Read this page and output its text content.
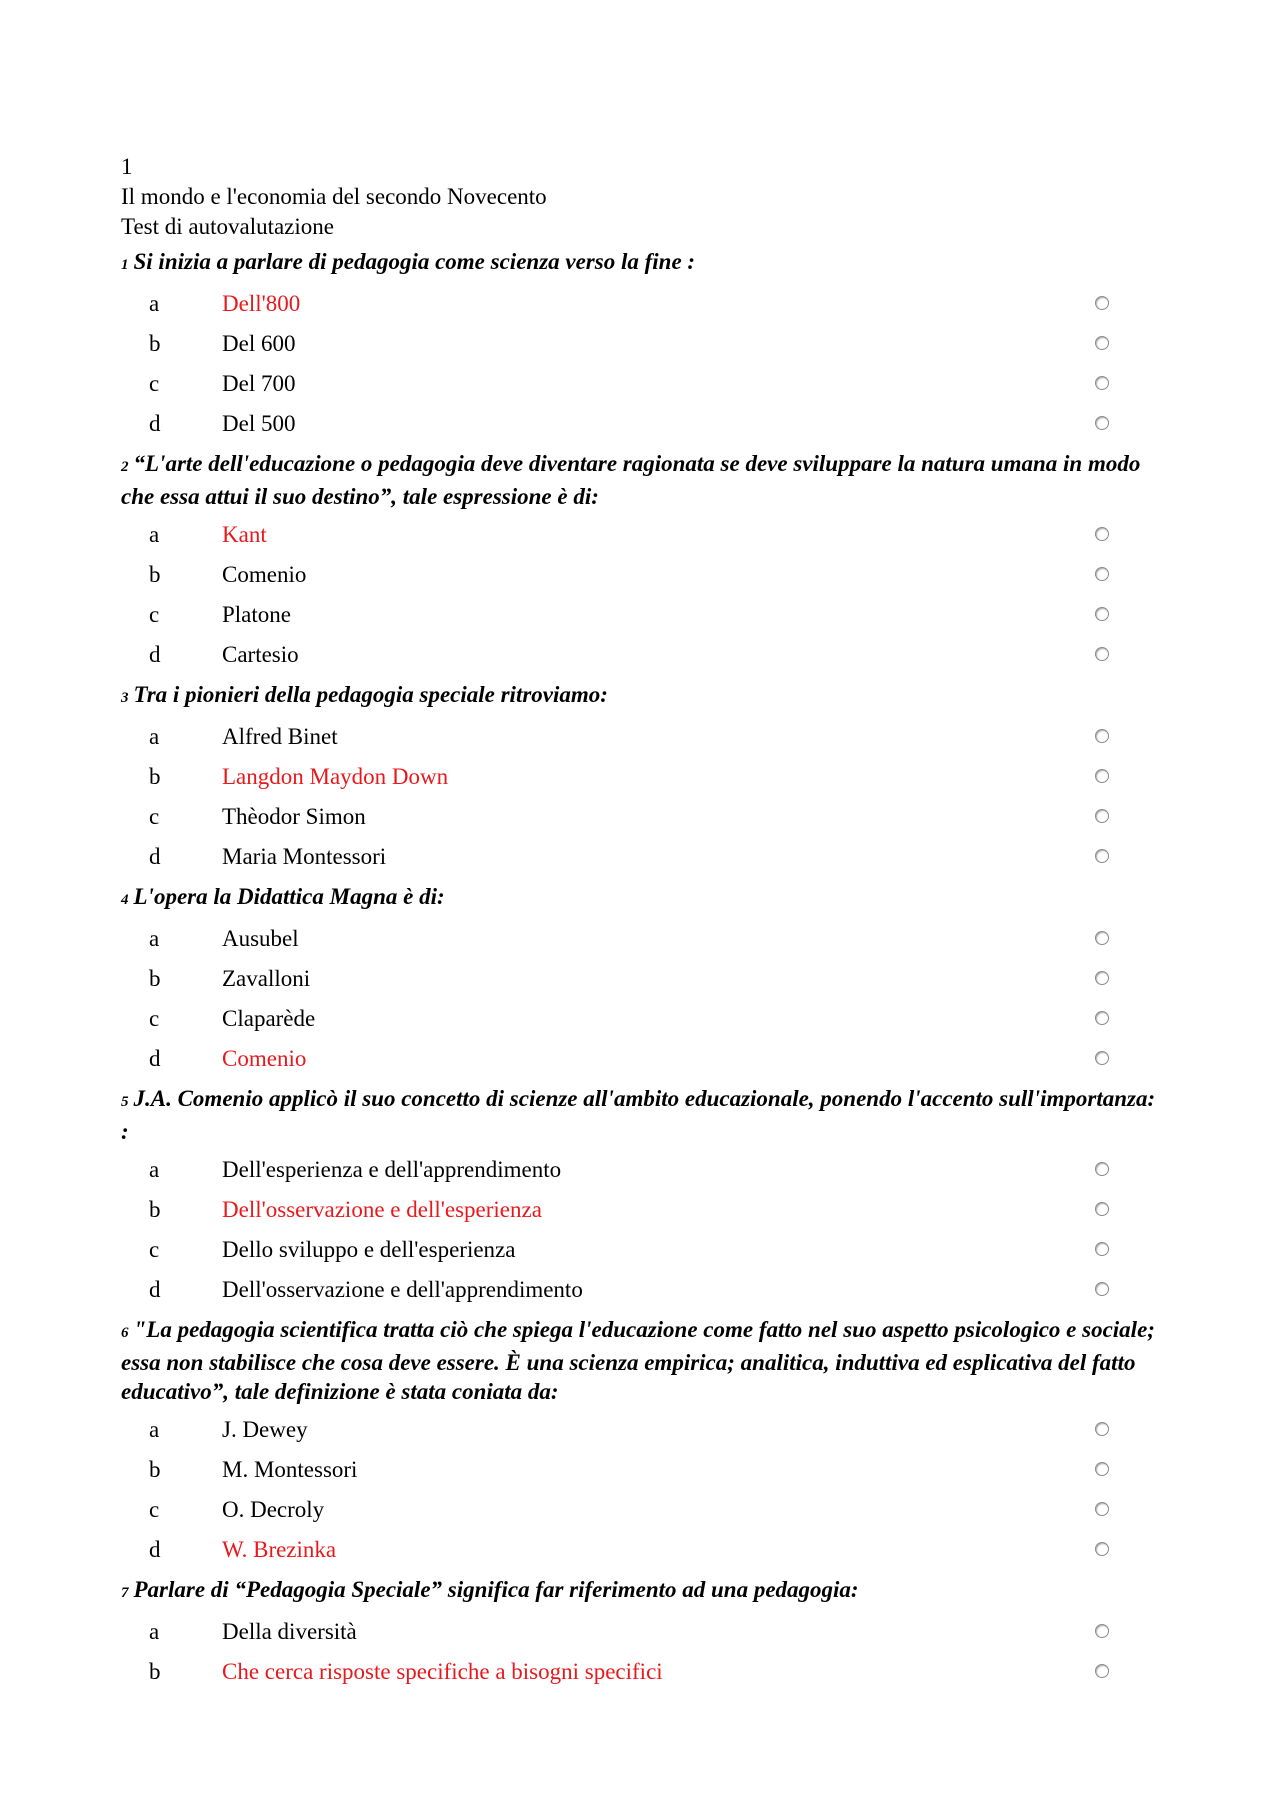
1
Il mondo e l'economia del secondo Novecento
Test di autovalutazione
1 Si inizia a parlare di pedagogia come scienza verso la fine :
a	Dell'800
b	Del 600
c	Del 700
d	Del 500
2 “L'arte dell'educazione o pedagogia deve diventare ragionata se deve sviluppare la natura umana in modo che essa attui il suo destino”, tale espressione è di:
a	Kant
b	Comenio
c	Platone
d	Cartesio
3 Tra i pionieri della pedagogia speciale ritroviamo:
a	Alfred Binet
b	Langdon Maydon Down
c	Thèodor Simon
d	Maria Montessori
4 L'opera la Didattica Magna è di:
a	Ausubel
b	Zavalloni
c	Claparède
d	Comenio
5 J.A. Comenio applicò il suo concetto di scienze all'ambito educazionale, ponendo l'accento sull'importanza: :
a	Dell'esperienza e dell'apprendimento
b	Dell'osservazione e dell'esperienza
c	Dello sviluppo e dell'esperienza
d	Dell'osservazione e dell'apprendimento
6 "La pedagogia scientifica tratta ciò che spiega l'educazione come fatto nel suo aspetto psicologico e sociale; essa non stabilisce che cosa deve essere. È una scienza empirica; analitica, induttiva ed esplicativa del fatto educativo”, tale definizione è stata coniata da:
a	J. Dewey
b	M. Montessori
c	O. Decroly
d	W. Brezinka
7 Parlare di “Pedagogia Speciale” significa far riferimento ad una pedagogia:
a	Della diversità
b	Che cerca risposte specifiche a bisogni specifici
